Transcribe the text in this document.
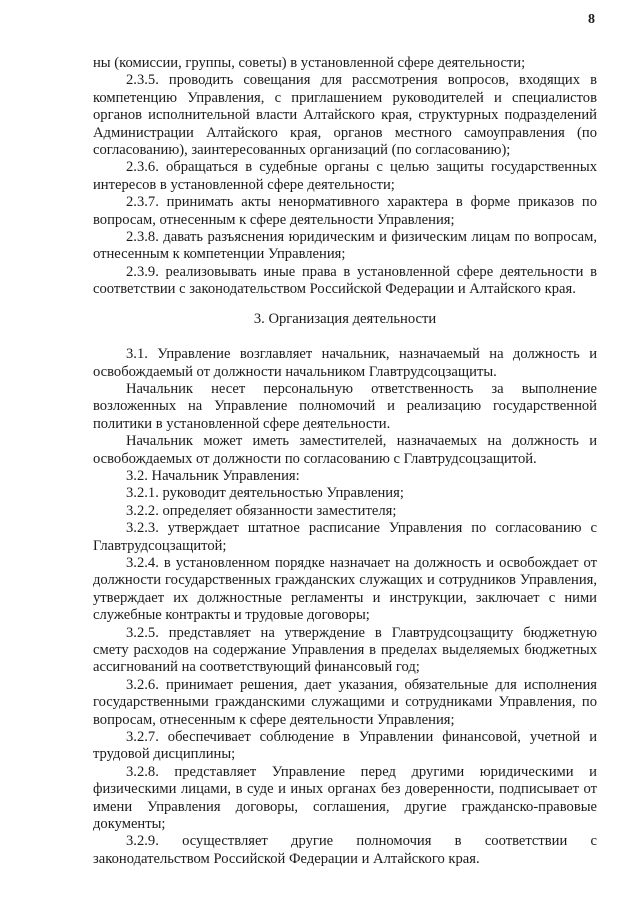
8

ны (комиссии, группы, советы) в установленной сфере деятельности;

2.3.5. проводить совещания для рассмотрения вопросов, входящих в компетенцию Управления, с приглашением руководителей и специалистов органов исполнительной власти Алтайского края, структурных подразделений Администрации Алтайского края, органов местного самоуправления (по согласованию), заинтересованных организаций (по согласованию);

2.3.6. обращаться в судебные органы с целью защиты государственных интересов в установленной сфере деятельности;

2.3.7. принимать акты ненормативного характера в форме приказов по вопросам, отнесенным к сфере деятельности Управления;

2.3.8. давать разъяснения юридическим и физическим лицам по вопросам, отнесенным к компетенции Управления;

2.3.9. реализовывать иные права в установленной сфере деятельности в соответствии с законодательством Российской Федерации и Алтайского края.

3. Организация деятельности

3.1. Управление возглавляет начальник, назначаемый на должность и освобождаемый от должности начальником Главтрудсоцзащиты.

Начальник несет персональную ответственность за выполнение возложенных на Управление полномочий и реализацию государственной политики в установленной сфере деятельности.

Начальник может иметь заместителей, назначаемых на должность и освобождаемых от должности по согласованию с Главтрудсоцзащитой.

3.2. Начальник Управления:

3.2.1. руководит деятельностью Управления;

3.2.2. определяет обязанности заместителя;

3.2.3. утверждает штатное расписание Управления по согласованию с Главтрудсоцзащитой;

3.2.4. в установленном порядке назначает на должность и освобождает от должности государственных гражданских служащих и сотрудников Управления, утверждает их должностные регламенты и инструкции, заключает с ними служебные контракты и трудовые договоры;

3.2.5. представляет на утверждение в Главтрудсоцзащиту бюджетную смету расходов на содержание Управления в пределах выделяемых бюджетных ассигнований на соответствующий финансовый год;

3.2.6. принимает решения, дает указания, обязательные для исполнения государственными гражданскими служащими и сотрудниками Управления, по вопросам, отнесенным к сфере деятельности Управления;

3.2.7. обеспечивает соблюдение в Управлении финансовой, учетной и трудовой дисциплины;

3.2.8. представляет Управление перед другими юридическими и физическими лицами, в суде и иных органах без доверенности, подписывает от имени Управления договоры, соглашения, другие гражданско-правовые документы;

3.2.9. осуществляет другие полномочия в соответствии с законодательством Российской Федерации и Алтайского края.
